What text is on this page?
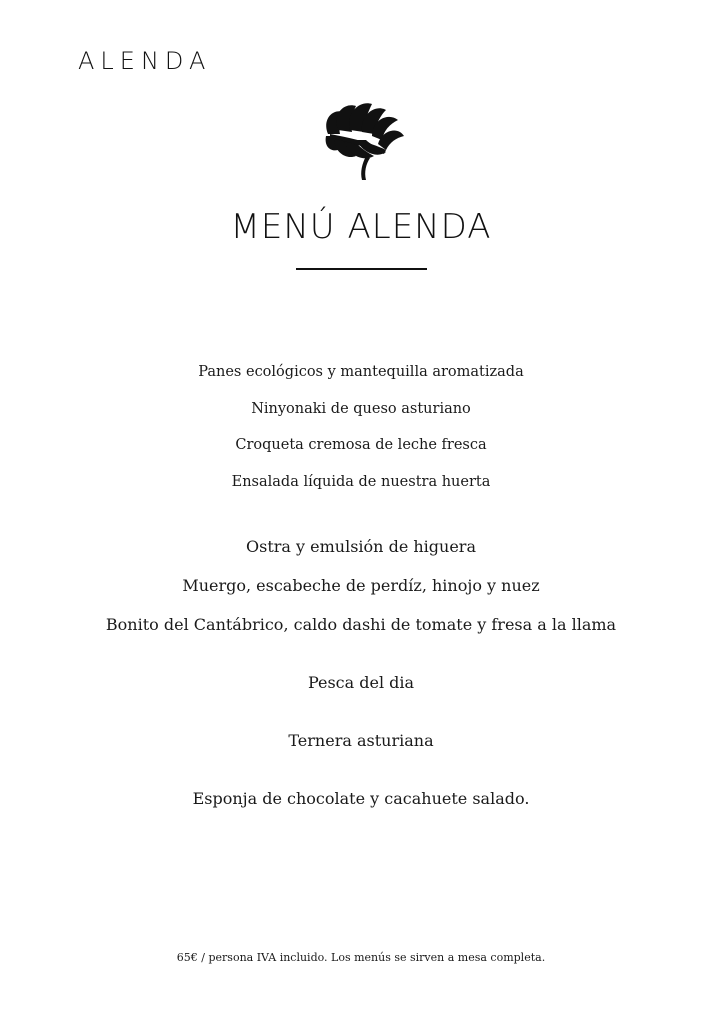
ALENDA
MENÚ ALENDA

Panes ecológicos y mantequilla aromatizada

Ninyonaki de queso asturiano

Croqueta cremosa de leche fresca

Ensalada líquida de nuestra huerta

Ostra y emulsión de higuera

Muergo, escabeche de perdíz, hinojo y nuez

Bonito del Cantábrico, caldo dashi de tomate y fresa a la llama

Pesca del dia
Ternera asturiana
Esponja de chocolate y cacahuete salado.
65€ / persona IVA incluido. Los menús se sirven a mesa completa.
